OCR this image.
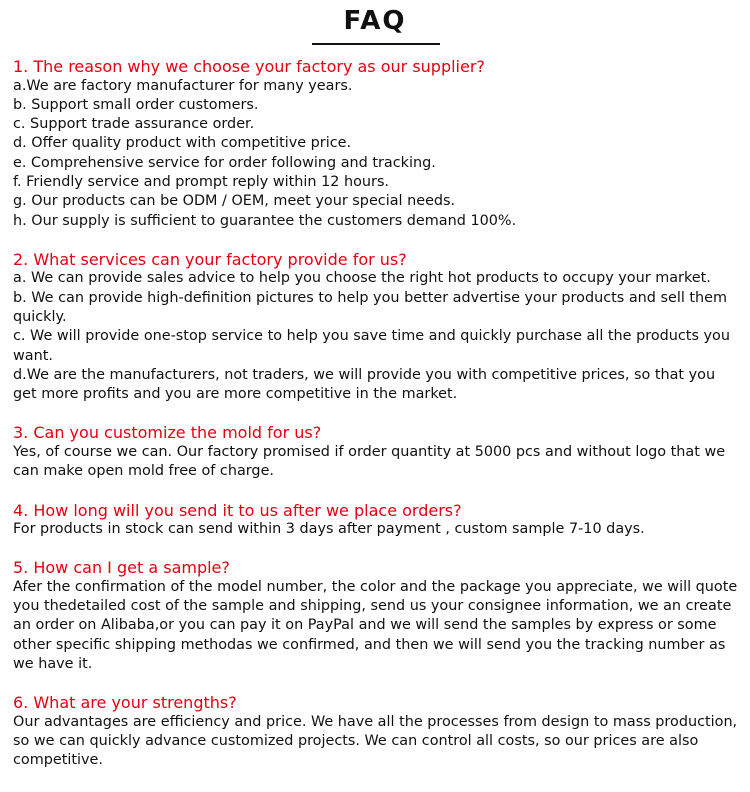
FAQ

1. The reason why we choose your factory as our supplier?

a.We are factory manufacturer for many years.

b. Support small order customers.

c. Support trade assurance order.

d. Offer quality product with competitive price.

e. Comprehensive service for order following and tracking.

f. Friendly service and prompt reply within 12 hours.

g. Our products can be ODM / OEM, meet your special needs.

h. Our supply is sufficient to guarantee the customers demand 100%.

2. What services can your factory provide for us?

a. We can provide sales advice to help you choose the right hot products to occupy your market.

b. We can provide high-definition pictures to help you better advertise your products and sell them quickly.

c. We will provide one-stop service to help you save time and quickly purchase all the products you want.

d.We are the manufacturers, not traders, we will provide you with competitive prices, so that you get more profits and you are more competitive in the market.

3. Can you customize the mold for us?

Yes, of course we can. Our factory promised if order quantity at 5000 pcs and without logo that we can make open mold free of charge.

4. How long will you send it to us after we place orders?

For products in stock can send within 3 days after payment , custom sample 7-10 days.

5. How can I get a sample?

Afer the confirmation of the model number, the color and the package you appreciate, we will quote you thedetailed cost of the sample and shipping, send us your consignee information, we an create an order on Alibaba,or you can pay it on PayPal and we will send the samples by express or some other specific shipping methodas we confirmed, and then we will send you the tracking number as we have it.

6. What are your strengths?

Our advantages are efficiency and price. We have all the processes from design to mass production, so we can quickly advance customized projects. We can control all costs, so our prices are also competitive.
